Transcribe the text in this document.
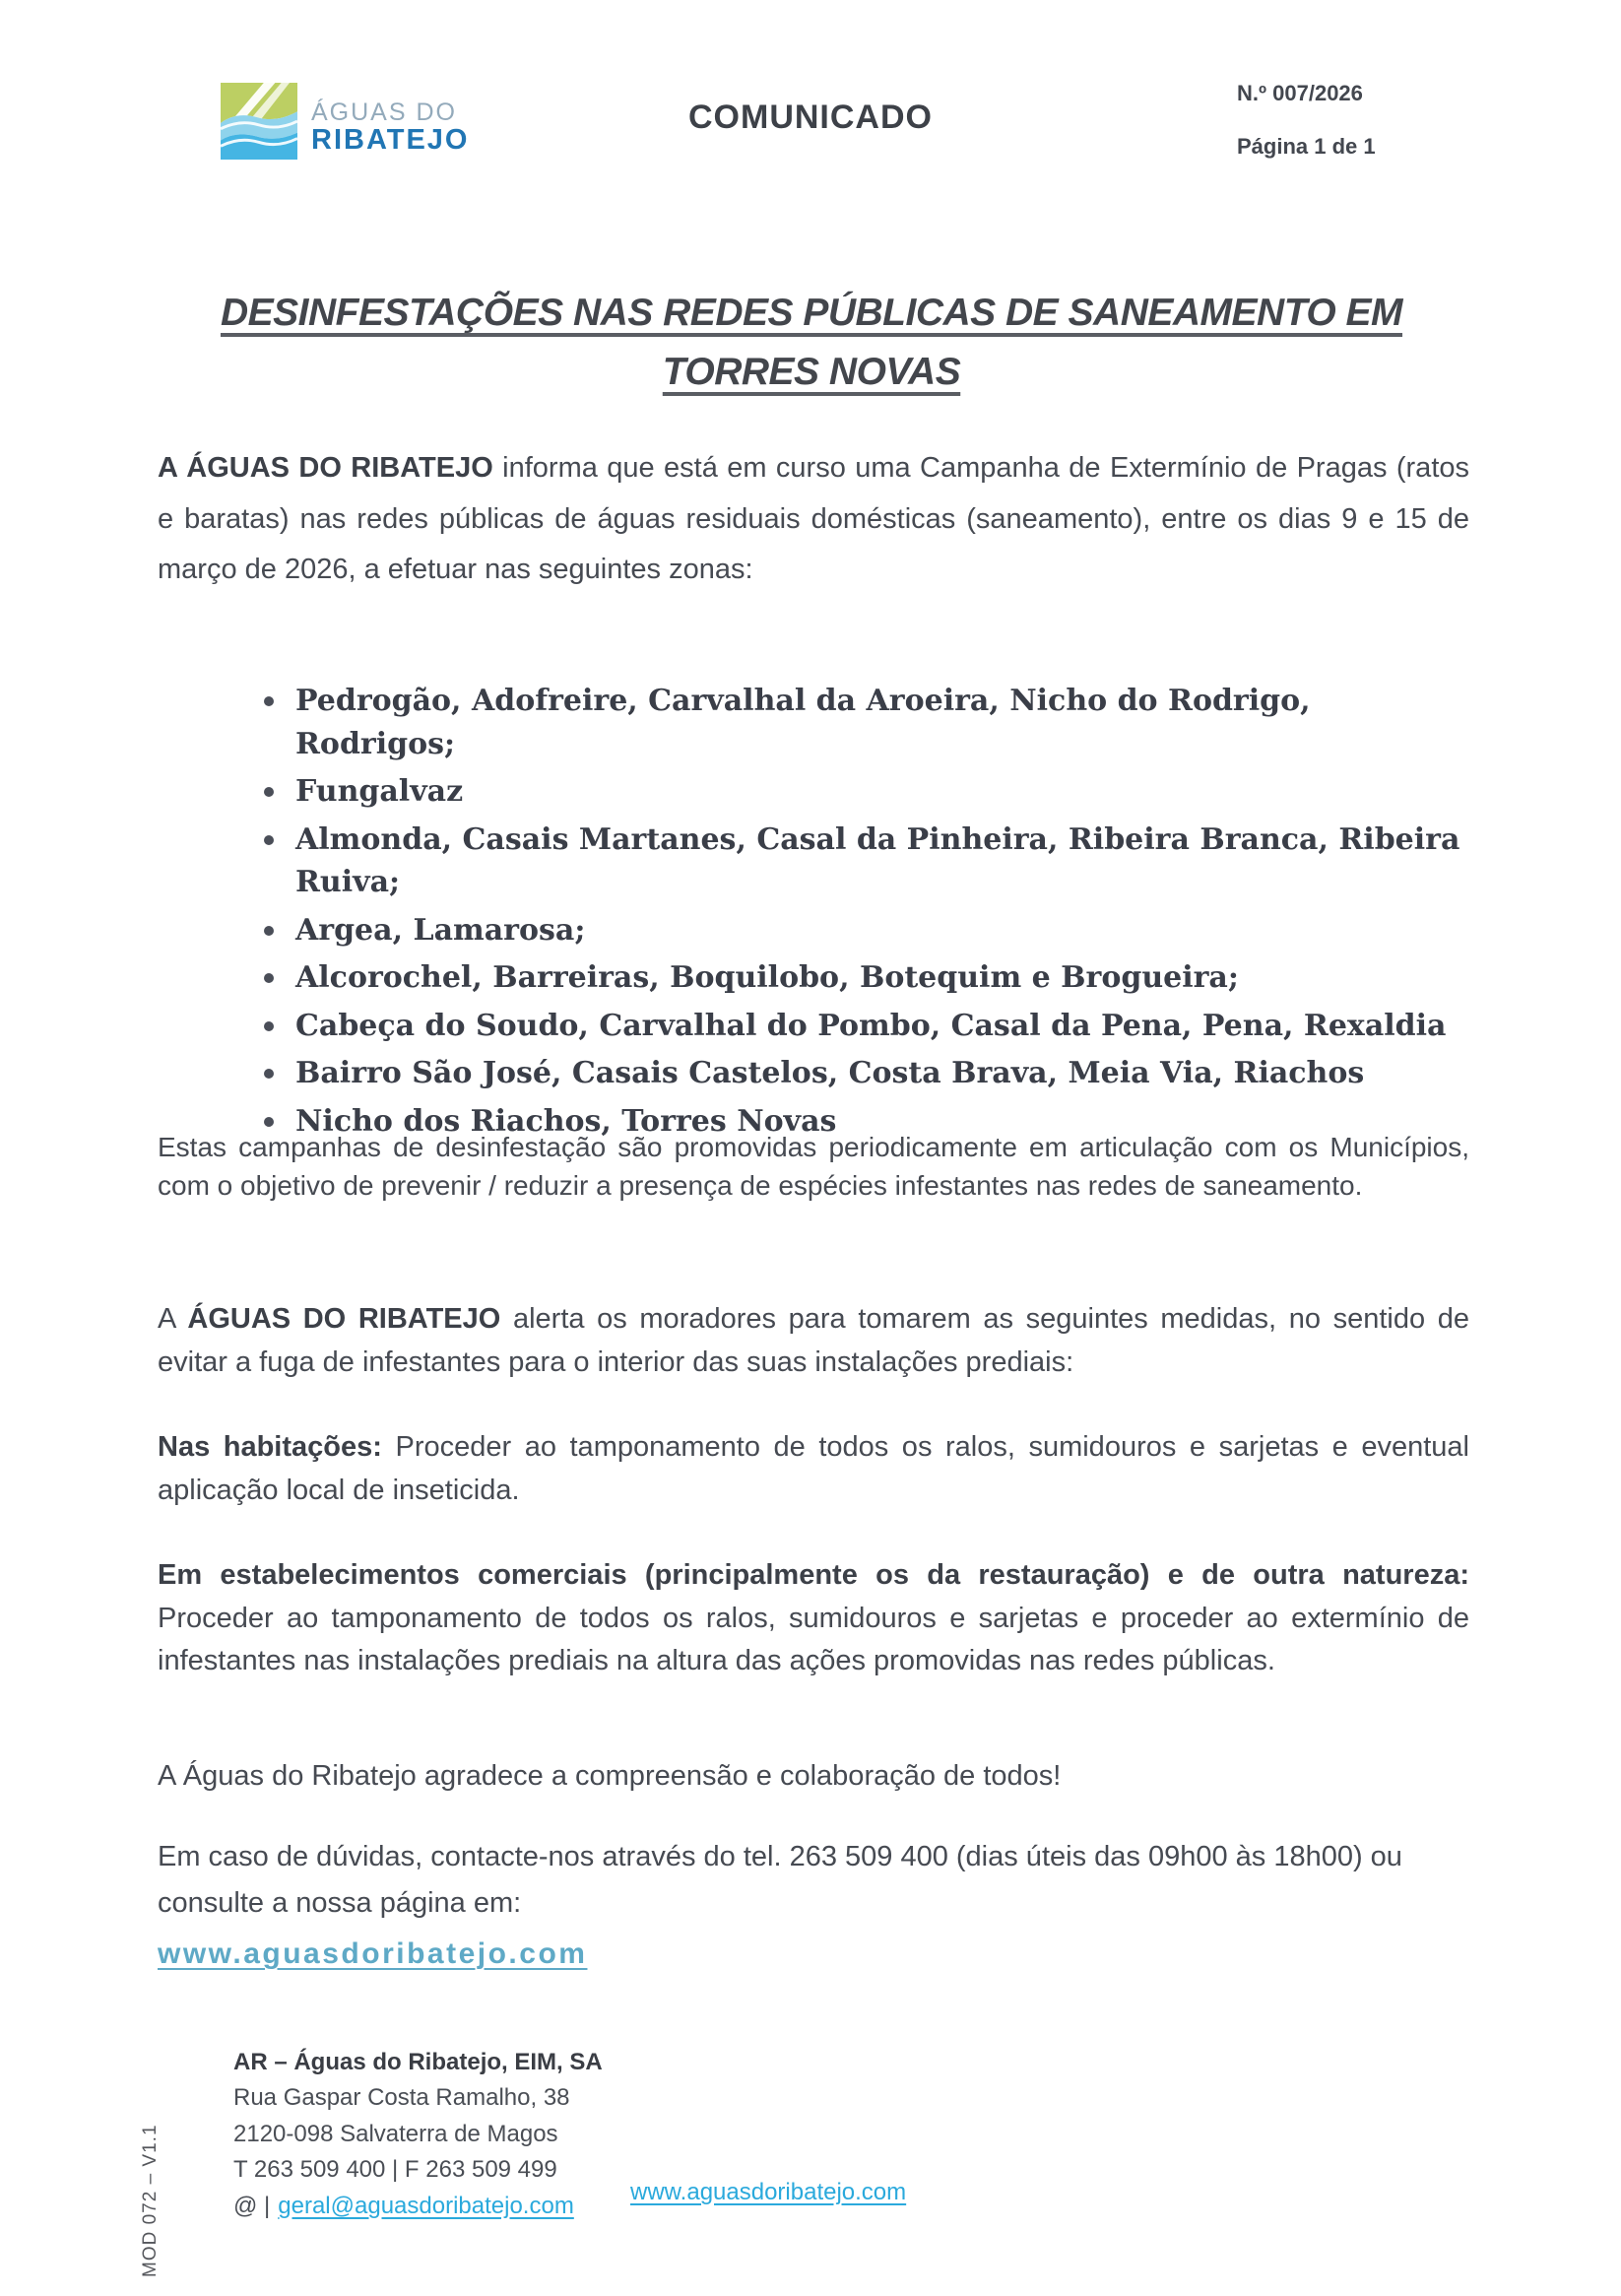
ÁGUAS DO
RIBATEJO
COMUNICADO
N.º 007/2026
Página 1 de 1
DESINFESTAÇÕES NAS REDES PÚBLICAS DE SANEAMENTO EM
TORRES NOVAS

A ÁGUAS DO RIBATEJO informa que está em curso uma Campanha de Extermínio de Pragas (ratos e baratas) nas redes públicas de águas residuais domésticas (saneamento), entre os dias 9 e 15 de março de 2026, a efetuar nas seguintes zonas:

Pedrogão, Adofreire, Carvalhal da Aroeira, Nicho do Rodrigo, Rodrigos;
Fungalvaz
Almonda, Casais Martanes, Casal da Pinheira, Ribeira Branca, Ribeira Ruiva;
Argea, Lamarosa;
Alcorochel, Barreiras, Boquilobo, Botequim e Brogueira;
Cabeça do Soudo, Carvalhal do Pombo, Casal da Pena, Pena, Rexaldia
Bairro São José, Casais Castelos, Costa Brava, Meia Via, Riachos
Nicho dos Riachos, Torres Novas

Estas campanhas de desinfestação são promovidas periodicamente em articulação com os Municípios, com o objetivo de prevenir / reduzir a presença de espécies infestantes nas redes de saneamento.

A ÁGUAS DO RIBATEJO alerta os moradores para tomarem as seguintes medidas, no sentido de evitar a fuga de infestantes para o interior das suas instalações prediais:

Nas habitações: Proceder ao tamponamento de todos os ralos, sumidouros e sarjetas e eventual aplicação local de inseticida.

Em estabelecimentos comerciais (principalmente os da restauração) e de outra natureza: Proceder ao tamponamento de todos os ralos, sumidouros e sarjetas e proceder ao extermínio de infestantes nas instalações prediais na altura das ações promovidas nas redes públicas.

A Águas do Ribatejo agradece a compreensão e colaboração de todos!

Em caso de dúvidas, contacte-nos através do tel. 263 509 400 (dias úteis das 09h00 às 18h00) ou consulte a nossa página em:
www.aguasdoribatejo.com

AR – Águas do Ribatejo, EIM, SA
Rua Gaspar Costa Ramalho, 38
2120-098 Salvaterra de Magos
T 263 509 400 | F 263 509 499
@ | geral@aguasdoribatejo.com
www.aguasdoribatejo.com
MOD 072 – V1.1
